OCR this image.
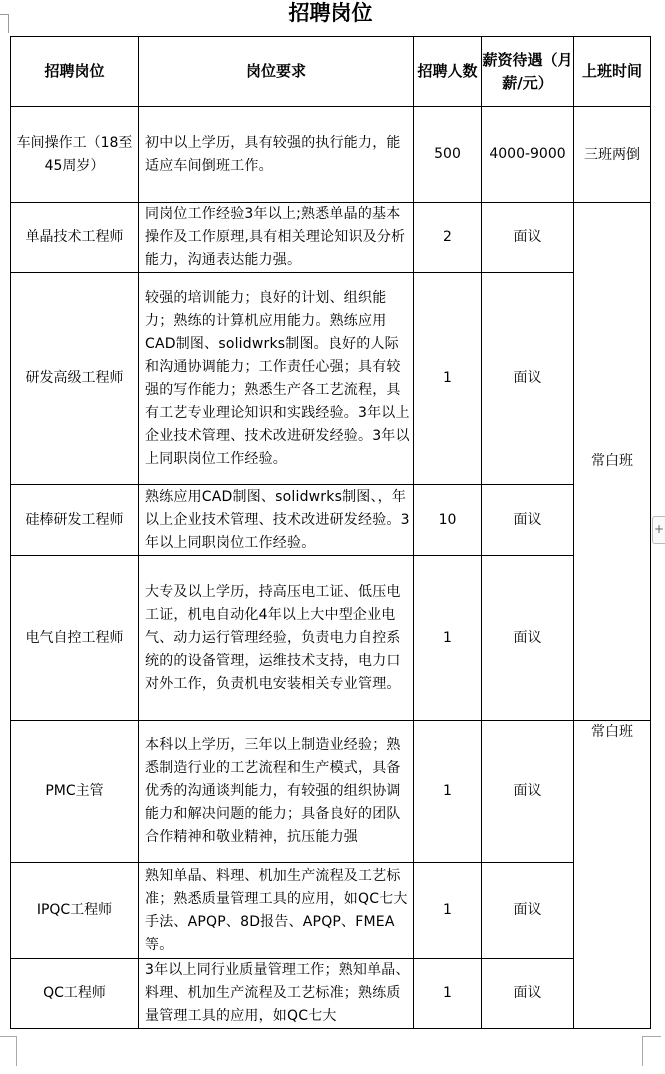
招聘岗位
+
招聘岗位	岗位要求	招聘人数	薪资待遇（月薪/元）	上班时间
车间操作工（18至45周岁）	初中以上学历，具有较强的执行能力，能适应车间倒班工作。	500	4000-9000	三班两倒
单晶技术工程师	同岗位工作经验3年以上;熟悉单晶的基本操作及工作原理,具有相关理论知识及分析能力，沟通表达能力强。	2	面议	常白班
研发高级工程师	较强的培训能力；良好的计划、组织能力；熟练的计算机应用能力。熟练应用CAD制图、solidwrks制图。良好的人际和沟通协调能力；工作责任心强；具有较强的写作能力；熟悉生产各工艺流程，具有工艺专业理论知识和实践经验。3年以上企业技术管理、技术改进研发经验。3年以上同职岗位工作经验。	1	面议	
硅棒研发工程师	熟练应用CAD制图、solidwrks制图、，年以上企业技术管理、技术改进研发经验。3年以上同职岗位工作经验。	10	面议	
电气自控工程师	大专及以上学历，持高压电工证、低压电工证，机电自动化4年以上大中型企业电气、动力运行管理经验，负责电力自控系统的的设备管理，运维技术支持，电力口对外工作，负责机电安装相关专业管理。	1	面议	
PMC主管	本科以上学历，三年以上制造业经验；熟悉制造行业的工艺流程和生产模式，具备优秀的沟通谈判能力，有较强的组织协调能力和解决问题的能力；具备良好的团队合作精神和敬业精神，抗压能力强	1	面议	常白班
IPQC工程师	熟知单晶、料理、机加生产流程及工艺标准；熟悉质量管理工具的应用，如QC七大手法、APQP、8D报告、APQP、FMEA等。	1	面议	
QC工程师	3年以上同行业质量管理工作；熟知单晶、料理、机加生产流程及工艺标准；熟练质量管理工具的应用，如QC七大	1	面议	
